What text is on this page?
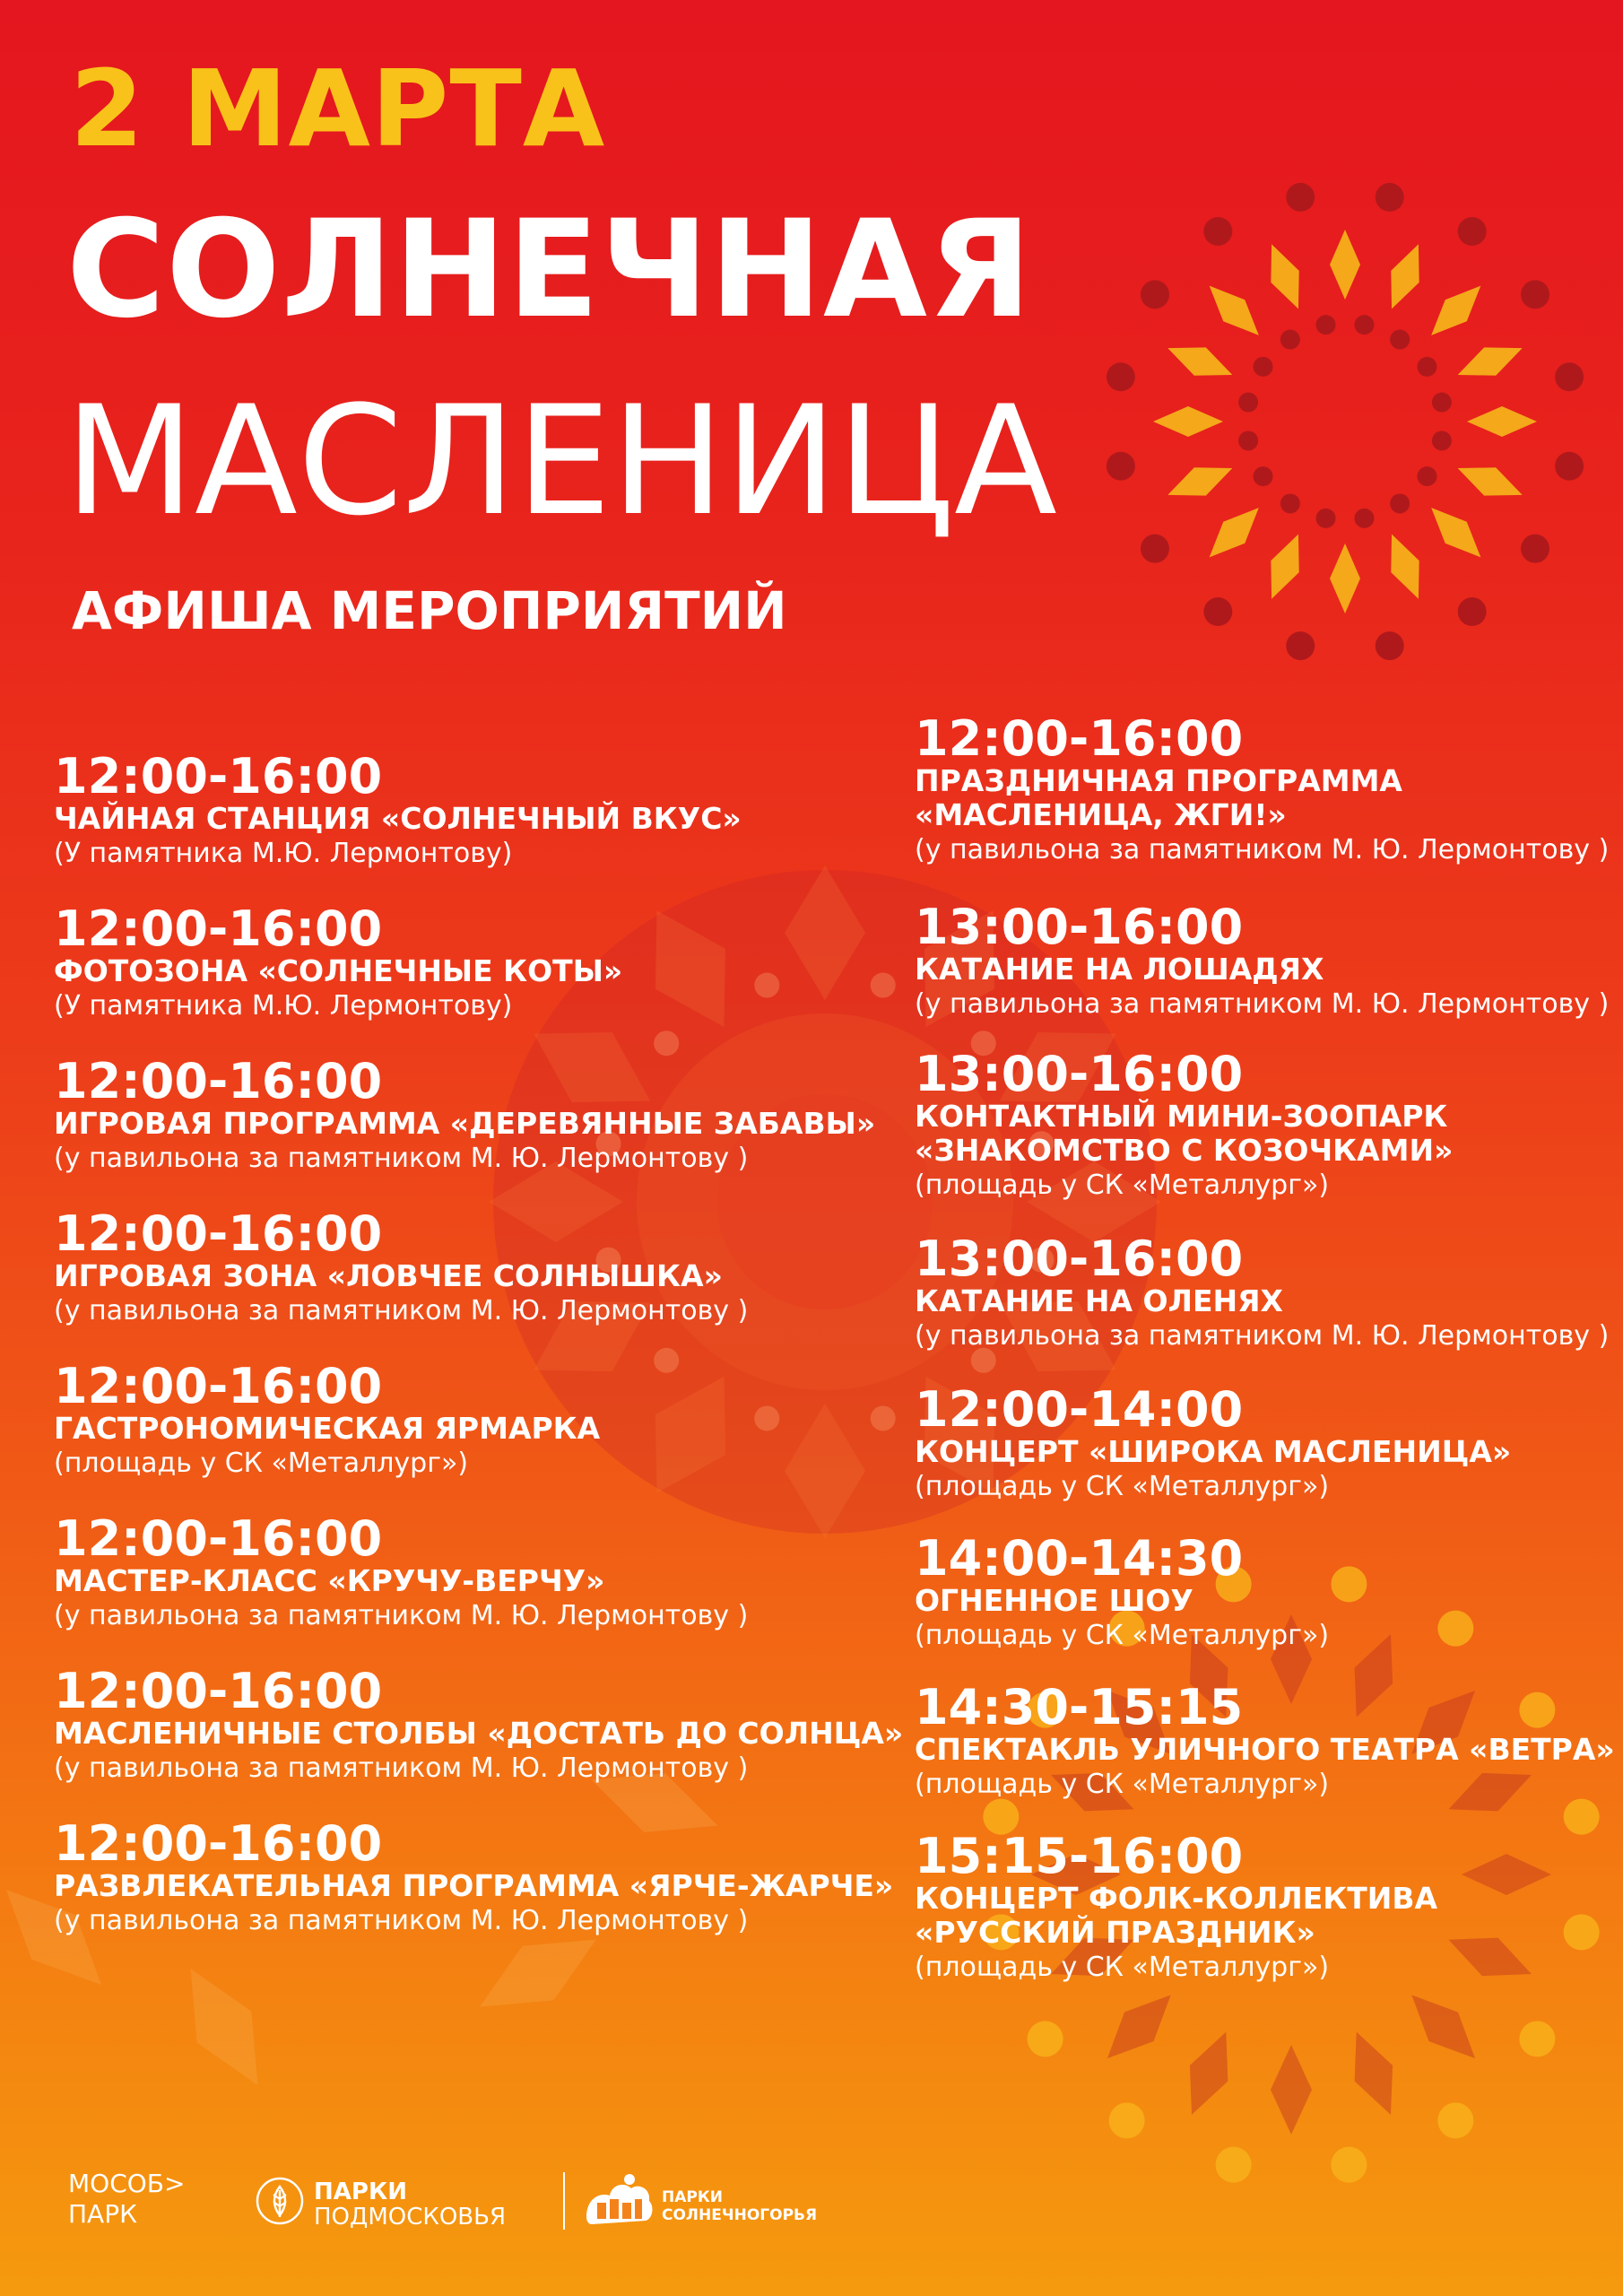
2 МАРТА
СОЛНЕЧНАЯ
МАСЛЕНИЦА
АФИША МЕРОПРИЯТИЙ
12:00-16:00
ЧАЙНАЯ СТАНЦИЯ «СОЛНЕЧНЫЙ ВКУС»
(У памятника М.Ю. Лермонтову)
12:00-16:00
ФОТОЗОНА «СОЛНЕЧНЫЕ КОТЫ»
(У памятника М.Ю. Лермонтову)
12:00-16:00
ИГРОВАЯ ПРОГРАММА «ДЕРЕВЯННЫЕ ЗАБАВЫ»
(у павильона за памятником М. Ю. Лермонтову )
12:00-16:00
ИГРОВАЯ ЗОНА «ЛОВЧЕЕ СОЛНЫШКА»
(у павильона за памятником М. Ю. Лермонтову )
12:00-16:00
ГАСТРОНОМИЧЕСКАЯ ЯРМАРКА
(площадь у СК «Металлург»)
12:00-16:00
МАСТЕР-КЛАСС «КРУЧУ-ВЕРЧУ»
(у павильона за памятником М. Ю. Лермонтову )
12:00-16:00
МАСЛЕНИЧНЫЕ СТОЛБЫ «ДОСТАТЬ ДО СОЛНЦА»
(у павильона за памятником М. Ю. Лермонтову )
12:00-16:00
РАЗВЛЕКАТЕЛЬНАЯ ПРОГРАММА «ЯРЧЕ-ЖАРЧЕ»
(у павильона за памятником М. Ю. Лермонтову )
12:00-16:00
ПРАЗДНИЧНАЯ ПРОГРАММА
«МАСЛЕНИЦА, ЖГИ!»
(у павильона за памятником М. Ю. Лермонтову )
13:00-16:00
КАТАНИЕ НА ЛОШАДЯХ
(у павильона за памятником М. Ю. Лермонтову )
13:00-16:00
КОНТАКТНЫЙ МИНИ-ЗООПАРК
«ЗНАКОМСТВО С КОЗОЧКАМИ»
(площадь у СК «Металлург»)
13:00-16:00
КАТАНИЕ НА ОЛЕНЯХ
(у павильона за памятником М. Ю. Лермонтову )
12:00-14:00
КОНЦЕРТ «ШИРОКА МАСЛЕНИЦА»
(площадь у СК «Металлург»)
14:00-14:30
ОГНЕННОЕ ШОУ
(площадь у СК «Металлург»)
14:30-15:15
СПЕКТАКЛЬ УЛИЧНОГО ТЕАТРА «ВЕТРА»
(площадь у СК «Металлург»)
15:15-16:00
КОНЦЕРТ ФОЛК-КОЛЛЕКТИВА
«РУССКИЙ ПРАЗДНИК»
(площадь у СК «Металлург»)
МОСОБ>
ПАРК
ПАРКИ
ПОДМОСКОВЬЯ
ПАРКИ
СОЛНЕЧНОГОРЬЯ
